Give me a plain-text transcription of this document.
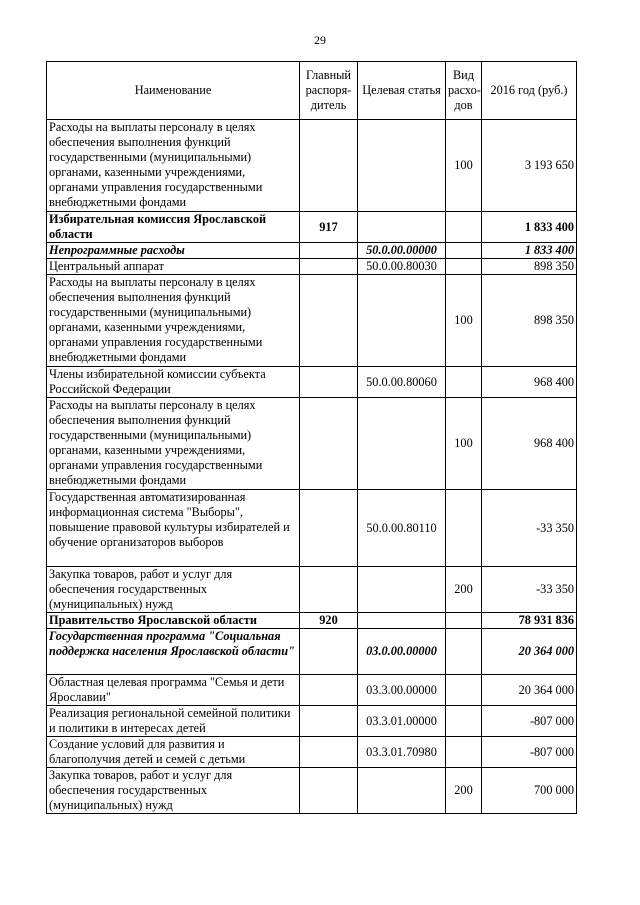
29
Наименование	Главный распоря-дитель	Целевая статья	Вид расхо-дов	2016 год (руб.)
Расходы на выплаты персоналу в целях обеспечения выполнения функций государственными (муниципальными) органами, казенными учреждениями, органами управления государственными внебюджетными фондами			100	3 193 650
Избирательная комиссия Ярославской области	917			1 833 400
Непрограммные расходы		50.0.00.00000		1 833 400
Центральный аппарат		50.0.00.80030		898 350
Расходы на выплаты персоналу в целях обеспечения выполнения функций государственными (муниципальными) органами, казенными учреждениями, органами управления государственными внебюджетными фондами			100	898 350
Члены избирательной комиссии субъекта Российской Федерации		50.0.00.80060		968 400
Расходы на выплаты персоналу в целях обеспечения выполнения функций государственными (муниципальными) органами, казенными учреждениями, органами управления государственными внебюджетными фондами			100	968 400
Государственная автоматизированная информационная система "Выборы", повышение правовой культуры избирателей и обучение организаторов выборов		50.0.00.80110		-33 350
Закупка товаров, работ и услуг для обеспечения государственных (муниципальных) нужд			200	-33 350
Правительство Ярославской области	920			78 931 836
Государственная программа "Социальная поддержка населения Ярославской области"		03.0.00.00000		20 364 000
Областная целевая программа "Семья и дети Ярославии"		03.3.00.00000		20 364 000
Реализация региональной семейной политики и политики в интересах детей		03.3.01.00000		-807 000
Создание условий для развития и благополучия детей и семей с детьми		03.3.01.70980		-807 000
Закупка товаров, работ и услуг для обеспечения государственных (муниципальных) нужд			200	700 000
